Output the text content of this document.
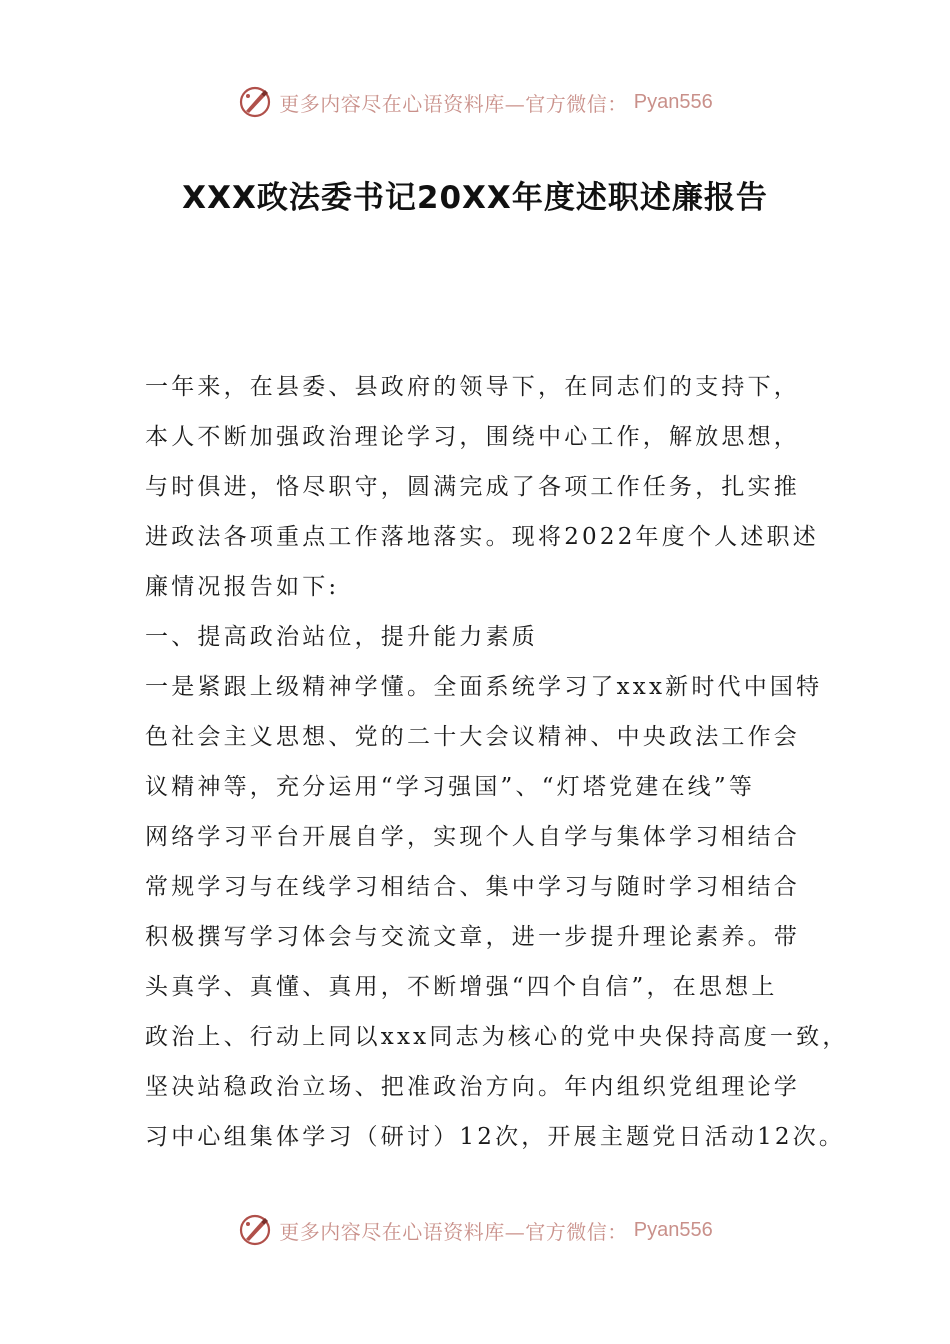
更多内容尽在心语资料库—官方微信： Pyan556
XXX政法委书记20XX年度述职述廉报告
一年来，在县委、县政府的领导下，在同志们的支持下，
本人不断加强政治理论学习，围绕中心工作，解放思想，
与时俱进，恪尽职守，圆满完成了各项工作任务，扎实推
进政法各项重点工作落地落实。现将2022年度个人述职述
廉情况报告如下:
一、提高政治站位，提升能力素质
一是紧跟上级精神学懂。全面系统学习了xxx新时代中国特
色社会主义思想、党的二十大会议精神、中央政法工作会
议精神等，充分运用“学习强国”、“灯塔党建在线”等
网络学习平台开展自学，实现个人自学与集体学习相结合
常规学习与在线学习相结合、集中学习与随时学习相结合
积极撰写学习体会与交流文章，进一步提升理论素养。带
头真学、真懂、真用，不断增强“四个自信”，在思想上
政治上、行动上同以xxx同志为核心的党中央保持高度一致，
坚决站稳政治立场、把准政治方向。年内组织党组理论学
习中心组集体学习（研讨）12次，开展主题党日活动12次。
更多内容尽在心语资料库—官方微信： Pyan556
